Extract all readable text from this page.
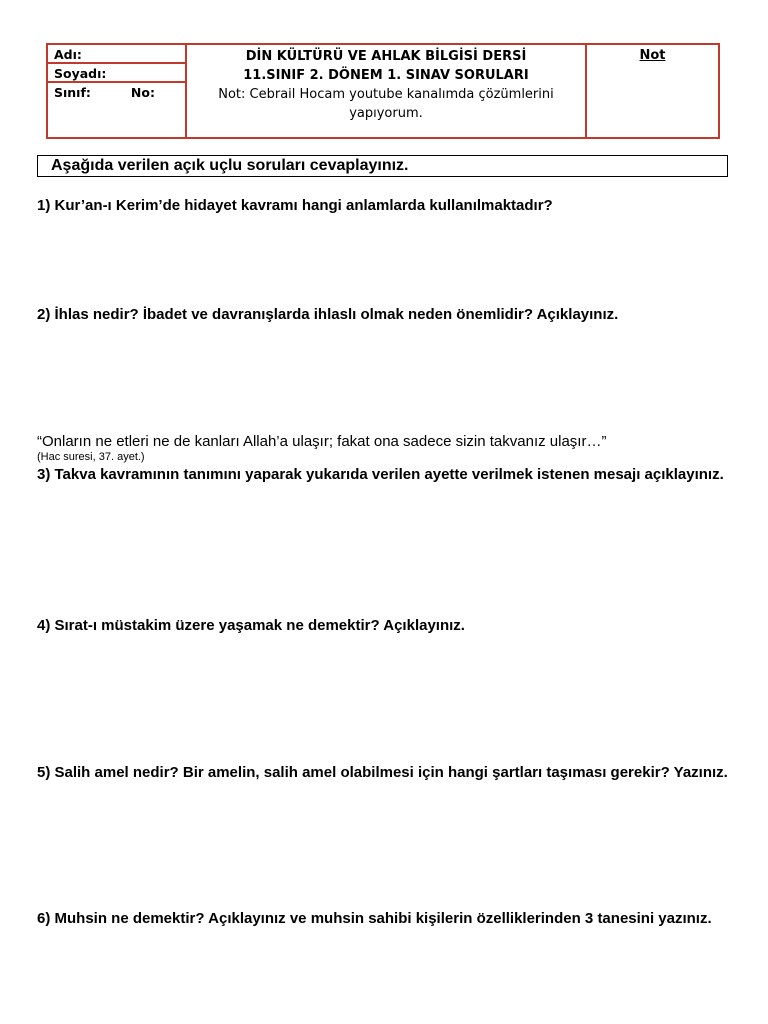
Adı:
Soyadı:
Sınıf:	No:
DİN KÜLTÜRÜ VE AHLAK BİLGİSİ DERSİ
11.SINIF 2. DÖNEM 1. SINAV SORULARI
Not: Cebrail Hocam youtube kanalımda çözümlerini yapıyorum.
Not
Aşağıda verilen açık uçlu soruları cevaplayınız.
1) Kur’an-ı Kerim’de hidayet kavramı hangi anlamlarda kullanılmaktadır?
2) İhlas nedir? İbadet ve davranışlarda ihlaslı olmak neden önemlidir? Açıklayınız.
“Onların ne etleri ne de kanları Allah’a ulaşır; fakat ona sadece sizin takvanız ulaşır…”
(Hac suresi, 37. ayet.)
3) Takva kavramının tanımını yaparak yukarıda verilen ayette verilmek istenen mesajı açıklayınız.
4) Sırat-ı müstakim üzere yaşamak ne demektir? Açıklayınız.
5) Salih amel nedir? Bir amelin, salih amel olabilmesi için hangi şartları taşıması gerekir? Yazınız.
6) Muhsin ne demektir? Açıklayınız ve muhsin sahibi kişilerin özelliklerinden 3 tanesini yazınız.
